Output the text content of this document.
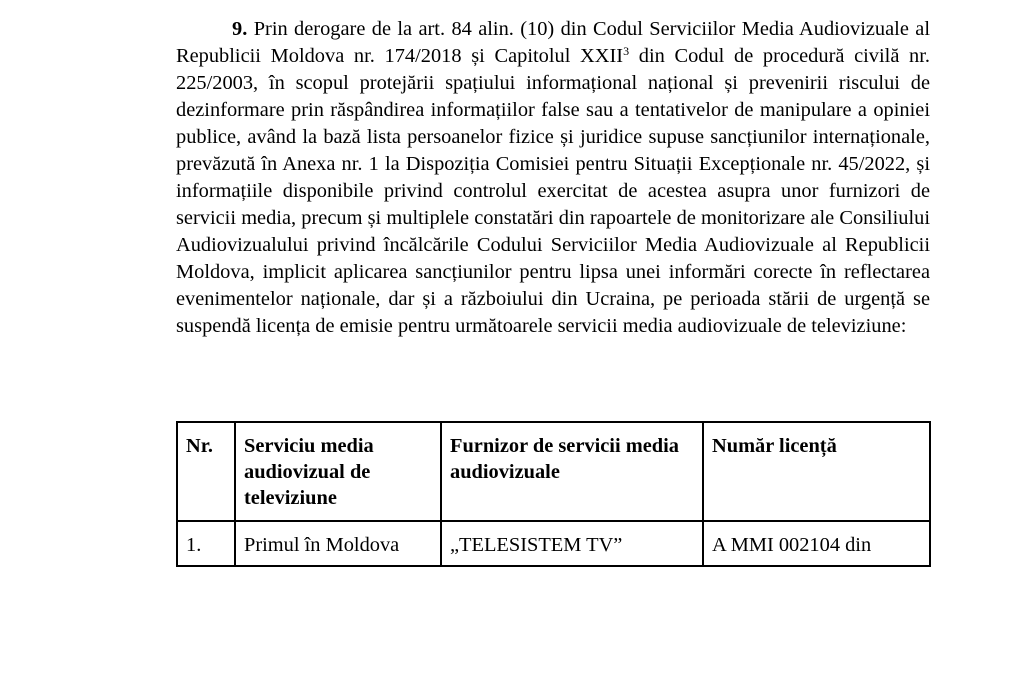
9. Prin derogare de la art. 84 alin. (10) din Codul Serviciilor Media Audiovizuale al Republicii Moldova nr. 174/2018 și Capitolul XXII$^3$ din Codul de procedură civilă nr. 225/2003, în scopul protejării spațiului informațional național și prevenirii riscului de dezinformare prin răspândirea informațiilor false sau a tentativelor de manipulare a opiniei publice, având la bază lista persoanelor fizice și juridice supuse sancțiunilor internaționale, prevăzută în Anexa nr. 1 la Dispoziția Comisiei pentru Situații Excepționale nr. 45/2022, și informațiile disponibile privind controlul exercitat de acestea asupra unor furnizori de servicii media, precum și multiplele constatări din rapoartele de monitorizare ale Consiliului Audiovizualului privind încălcările Codului Serviciilor Media Audiovizuale al Republicii Moldova, implicit aplicarea sancțiunilor pentru lipsa unei informări corecte în reflectarea evenimentelor naționale, dar și a războiului din Ucraina, pe perioada stării de urgență se suspendă licența de emisie pentru următoarele servicii media audiovizuale de televiziune:

Nr.	Serviciu media audiovizual de televiziune	Furnizor de servicii media audiovizuale	Număr licență
1.	Primul în Moldova	„TELESISTEM TV”	A MMI 002104 din
